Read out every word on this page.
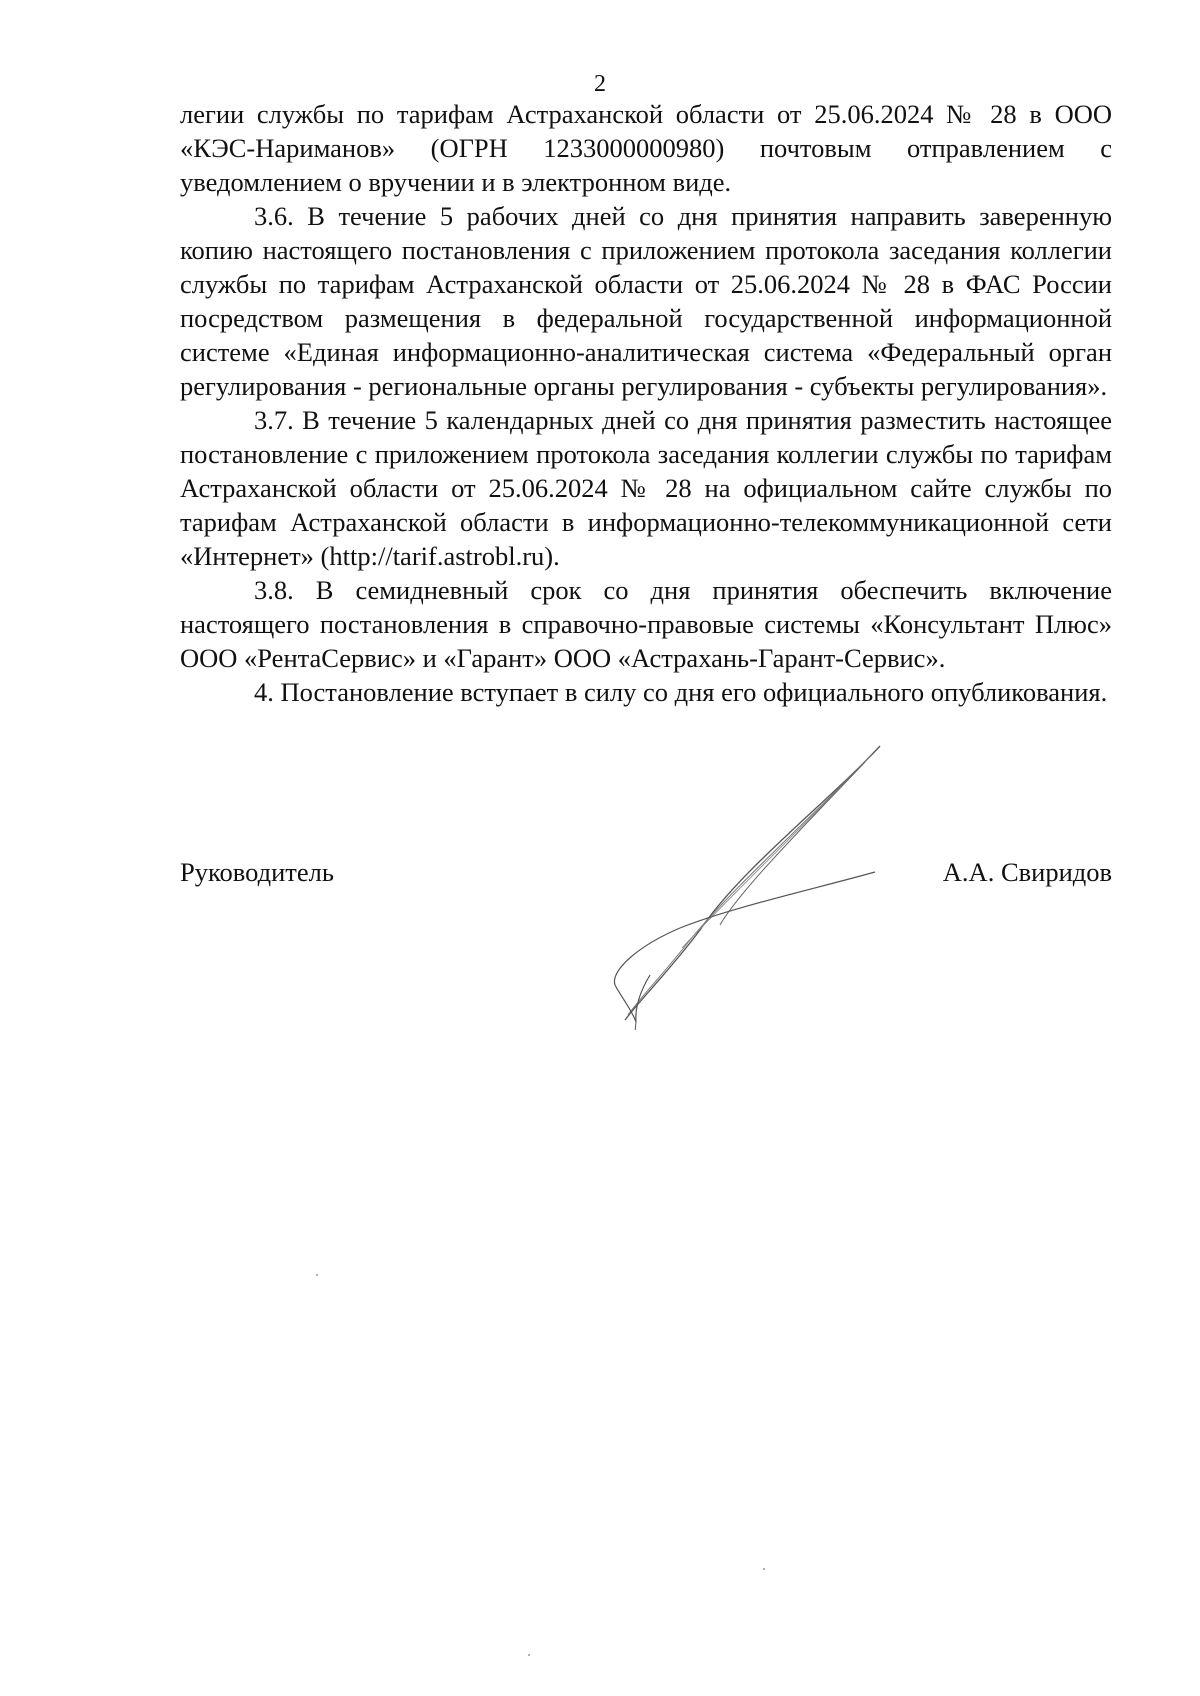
2

легии службы по тарифам Астраханской области от 25.06.2024 № 28 в ООО «КЭС-Нариманов» (ОГРН 1233000000980) почтовым отправлением с уведомлением о вручении и в электронном виде.

3.6. В течение 5 рабочих дней со дня принятия направить заверенную копию настоящего постановления с приложением протокола заседания коллегии службы по тарифам Астраханской области от 25.06.2024 № 28 в ФАС России посредством размещения в федеральной государственной информационной системе «Единая информационно-аналитическая система «Федеральный орган регулирования - региональные органы регулирования - субъекты регулирования».

3.7. В течение 5 календарных дней со дня принятия разместить настоящее постановление с приложением протокола заседания коллегии службы по тарифам Астраханской области от 25.06.2024 № 28 на официальном сайте службы по тарифам Астраханской области в информационно-телекоммуникационной сети «Интернет» (http://tarif.astrobl.ru).

3.8. В семидневный срок со дня принятия обеспечить включение настоящего постановления в справочно-правовые системы «Консультант Плюс» ООО «РентаСервис» и «Гарант» ООО «Астрахань-Гарант-Сервис».

4. Постановление вступает в силу со дня его официального опубликования.

Руководитель	А.А. Свиридов
